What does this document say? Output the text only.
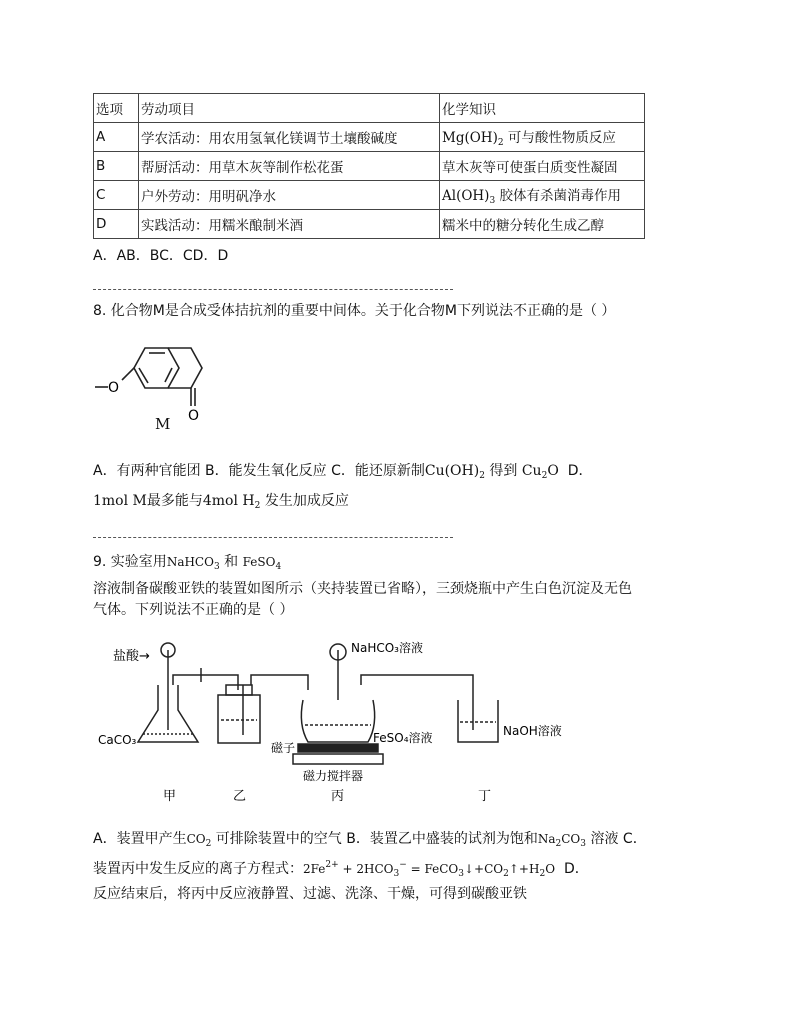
选项	劳动项目	化学知识
A	学农活动：用农用氢氧化镁调节土壤酸碱度	$Mg(OH)_2$ 可与酸性物质反应
B	帮厨活动：用草木灰等制作松花蛋	草木灰等可使蛋白质变性凝固
C	户外劳动：用明矾净水	$Al(OH)_3$ 胶体有杀菌消毒作用
D	实践活动：用糯米酿制米酒	糯米中的糖分转化生成乙醇
A．AB．BC．CD．D
8. 化合物M是合成受体拮抗剂的重要中间体。关于化合物M下列说法不正确的是（ ）
O
O
M
A．有两种官能团 B．能发生氧化反应 C．能还原新制$Cu(OH)_2$ 得到 $Cu_2O$ D．
1mol M最多能与4mol $H_2$ 发生加成反应
9. 实验室用NaHCO$_3$ 和 FeSO$_4$
溶液制备碳酸亚铁的装置如图所示（夹持装置已省略），三颈烧瓶中产生白色沉淀及无色
气体。下列说法不正确的是（ ）
盐酸→
NaHCO₃溶液
CaCO₃	FeSO₄溶液	NaOH溶液
磁子
磁力搅拌器
甲	乙	丙	丁
A．装置甲产生$CO_2$ 可排除装置中的空气 B．装置乙中盛装的试剂为饱和$Na_2CO_3$ 溶液 C．
装置丙中发生反应的离子方程式：$2Fe^{2+} + 2HCO_3^-$ = $FeCO_3↓+CO_2↑+H_2O$ D．
反应结束后，将丙中反应液静置、过滤、洗涤、干燥，可得到碳酸亚铁
